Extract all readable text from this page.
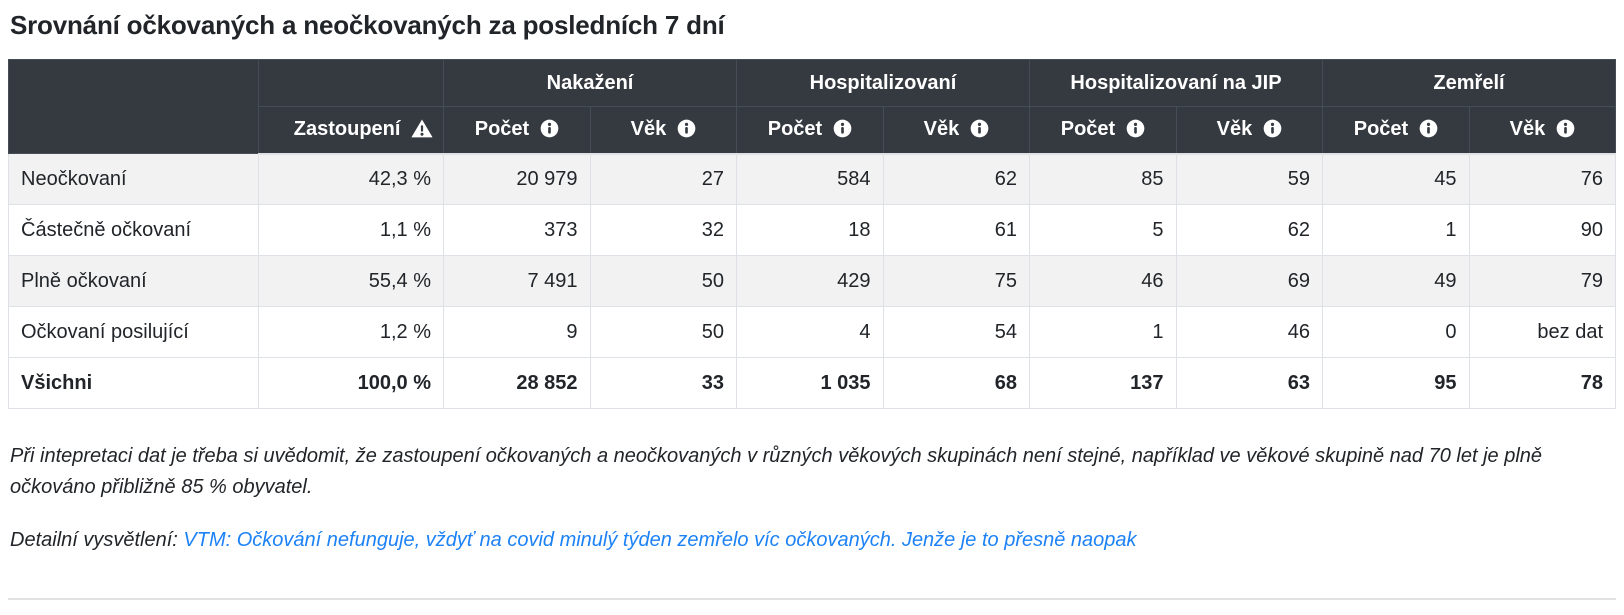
Srovnání očkovaných a neočkovaných za posledních 7 dní
		Nakažení		Hospitalizovaní		Hospitalizovaní na JIP		Zemřelí	
	Zastoupení	Počet	Věk	Počet	Věk	Počet	Věk	Počet	Věk
Neočkovaní	42,3 %	20 979	27	584	62	85	59	45	76
Částečně očkovaní	1,1 %	373	32	18	61	5	62	1	90
Plně očkovaní	55,4 %	7 491	50	429	75	46	69	49	79
Očkovaní posilující	1,2 %	9	50	4	54	1	46	0	bez dat
Všichni	100,0 %	28 852	33	1 035	68	137	63	95	78

Při intepretaci dat je třeba si uvědomit, že zastoupení očkovaných a neočkovaných v různých věkových skupinách není stejné, například ve věkové skupině nad 70 let je plně očkováno přibližně 85 % obyvatel.

Detailní vysvětlení: VTM: Očkování nefunguje, vždyť na covid minulý týden zemřelo víc očkovaných. Jenže je to přesně naopak
